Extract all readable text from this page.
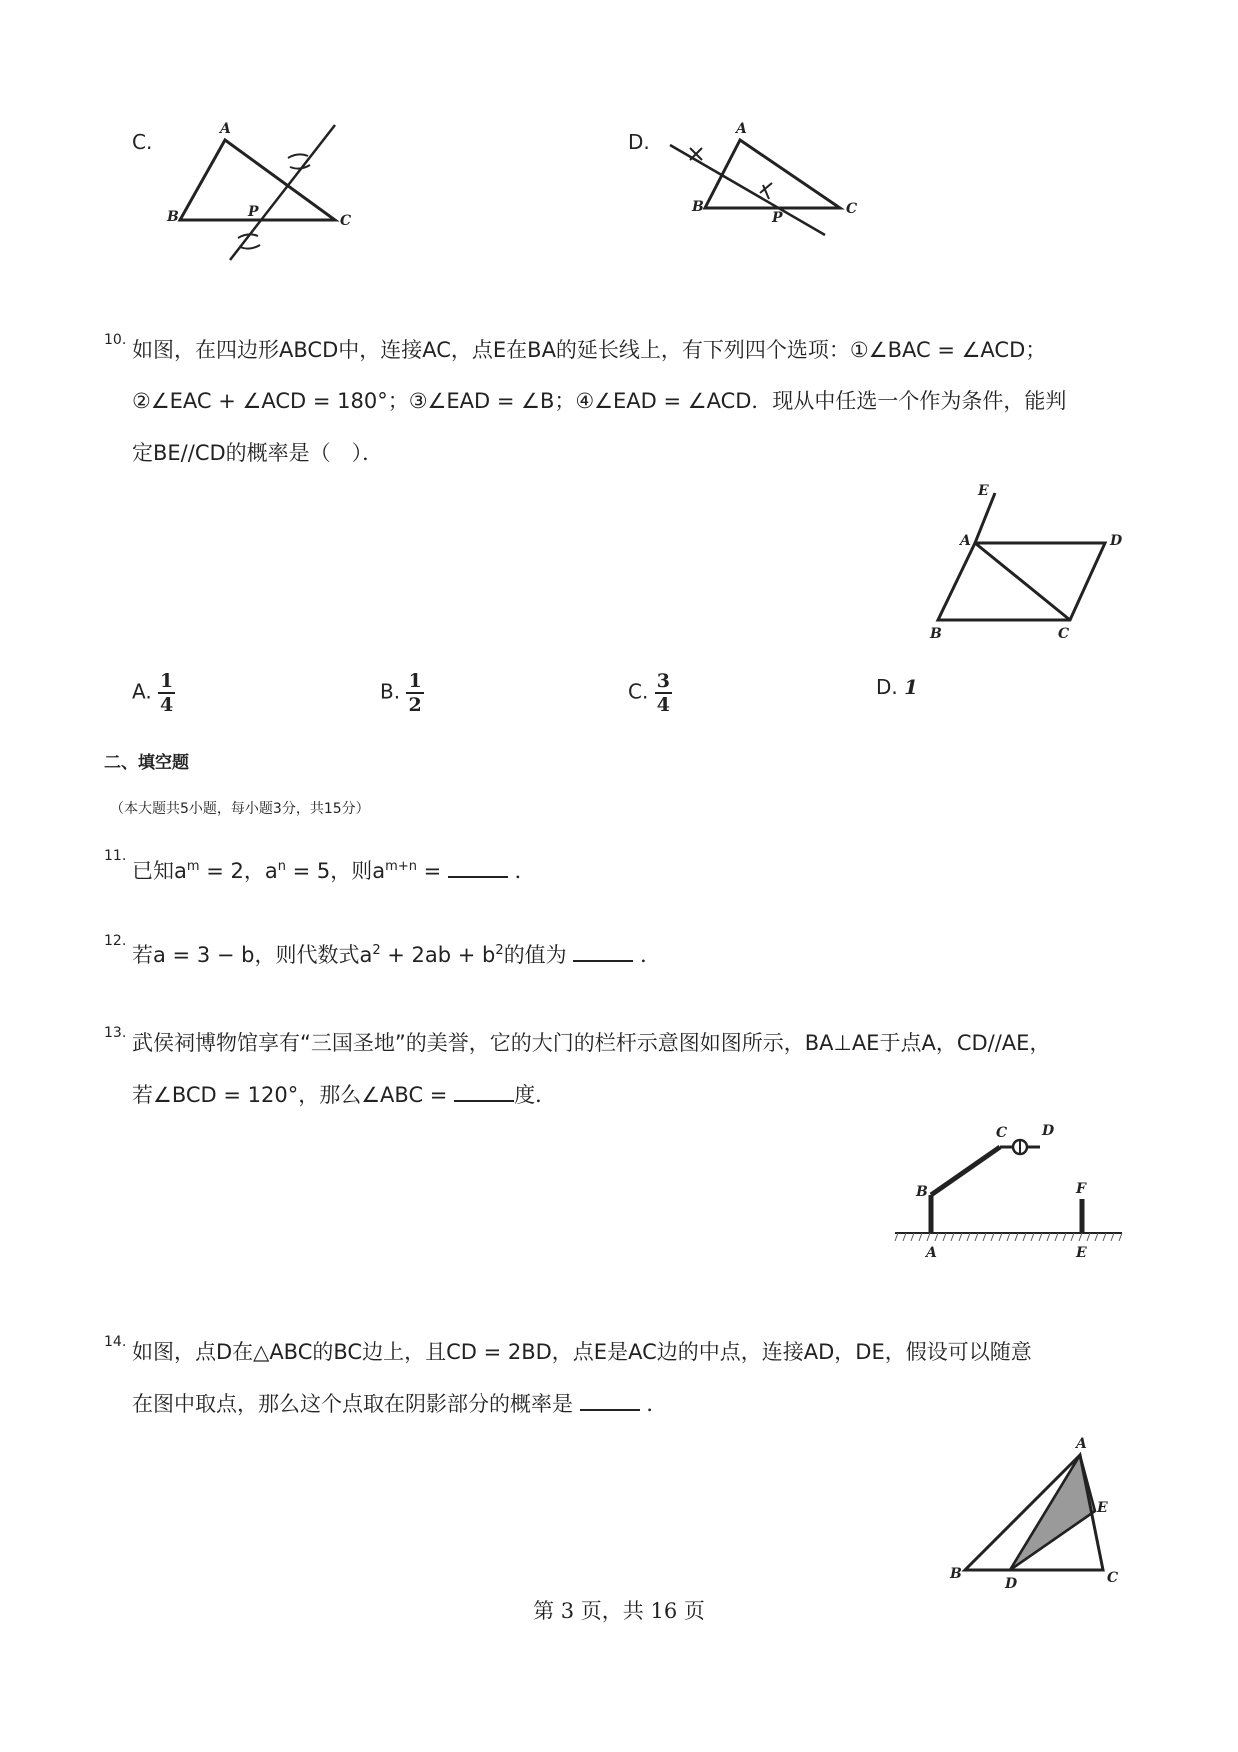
C.
A
B	C
P
D.
A
B	C
P
10. 如图，在四边形ABCD中，连接AC，点E在BA的延长线上，有下列四个选项：①∠BAC = ∠ACD；
②∠EAC + ∠ACD = 180°；③∠EAD = ∠B；④∠EAD = ∠ACD．现从中任选一个作为条件，能判
定BE//CD的概率是（　）．
E
A	D
B	C
A. $\frac{1}{4}$	B. $\frac{1}{2}$	C. $\frac{3}{4}$	D. 1
二、填空题
（本大题共5小题，每小题3分，共15分）
11.
已知$a^m = 2$，$a^n = 5$，则$a^{m+n}$ =	．
12.
若a = 3 − b，则代数式$a^2 + 2ab + b^2$的值为	．
13. 武侯祠博物馆享有“三国圣地”的美誉，它的大门的栏杆示意图如图所示，BA⊥AE于点A，CD//AE，
若∠BCD = 120°，那么∠ABC =	度．
B
A
C D
F
E
14. 如图，点D在△ABC的BC边上，且CD = 2BD，点E是AC边的中点，连接AD，DE，假设可以随意
在图中取点，那么这个点取在阴影部分的概率是	．
A
E
B
D	C
第 3 页，共 16 页
